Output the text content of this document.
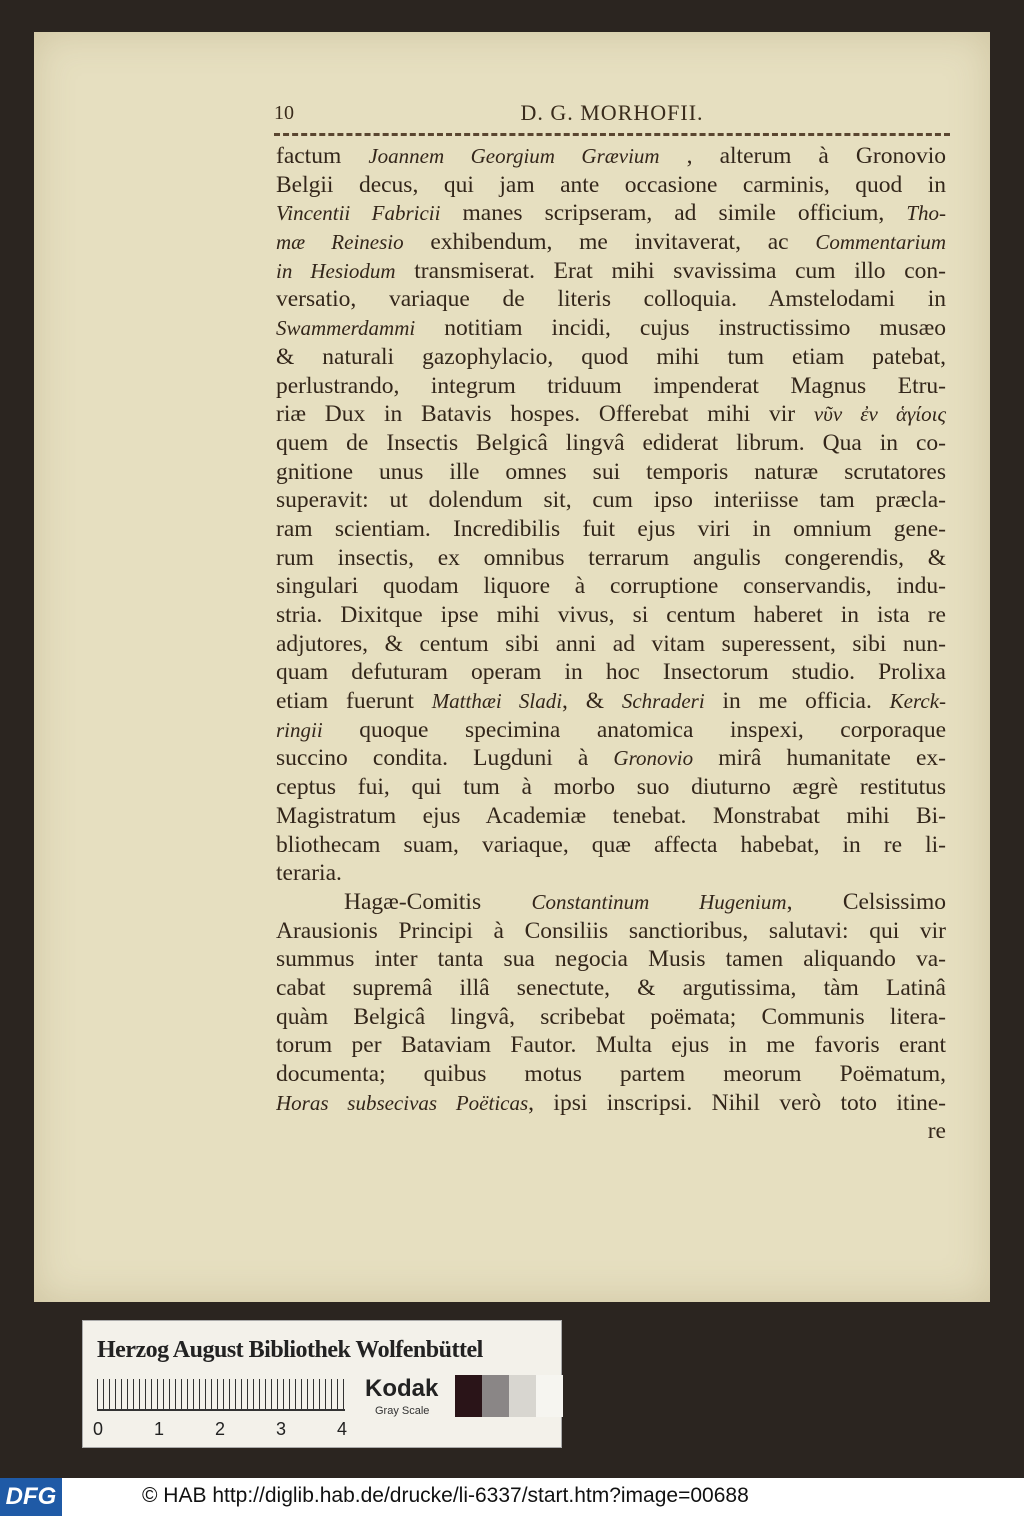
10	D. G. MORHOFII.
factum Joannem Georgium Grævium , alterum à Gronovio
Belgii decus, qui jam ante occasione carminis, quod in
Vincentii Fabricii manes scripseram, ad simile officium, Tho-
mæ Reinesio exhibendum, me invitaverat, ac Commentarium
in Hesiodum transmiserat. Erat mihi svavissima cum illo con-
versatio, variaque de literis colloquia. Amstelodami in
Swammerdammi notitiam incidi, cujus instructissimo musæo
& naturali gazophylacio, quod mihi tum etiam patebat,
perlustrando, integrum triduum impenderat Magnus Etru-
riæ Dux in Batavis hospes. Offerebat mihi vir νῦν ἐν ἁγίοις
quem de Insectis Belgicâ lingvâ ediderat librum. Qua in co-
gnitione unus ille omnes sui temporis naturæ scrutatores
superavit: ut dolendum sit, cum ipso interiisse tam præcla-
ram scientiam. Incredibilis fuit ejus viri in omnium gene-
rum insectis, ex omnibus terrarum angulis congerendis, &
singulari quodam liquore à corruptione conservandis, indu-
stria. Dixitque ipse mihi vivus, si centum haberet in ista re
adjutores, & centum sibi anni ad vitam superessent, sibi nun-
quam defuturam operam in hoc Insectorum studio. Prolixa
etiam fuerunt Matthæi Sladi, & Schraderi in me officia. Kerck-
ringii quoque specimina anatomica inspexi, corporaque
succino condita. Lugduni à Gronovio mirâ humanitate ex-
ceptus fui, qui tum à morbo suo diuturno ægrè restitutus
Magistratum ejus Academiæ tenebat. Monstrabat mihi Bi-
bliothecam suam, variaque, quæ affecta habebat, in re li-
teraria.
Hagæ-Comitis Constantinum Hugenium, Celsissimo
Arausionis Principi à Consiliis sanctioribus, salutavi: qui vir
summus inter tanta sua negocia Musis tamen aliquando va-
cabat supremâ illâ senectute, & argutissima, tàm Latinâ
quàm Belgicâ lingvâ, scribebat poëmata; Communis litera-
torum per Bataviam Fautor. Multa ejus in me favoris erant
documenta; quibus motus partem meorum Poëmatum,
Horas subsecivas Poëticas, ipsi inscripsi. Nihil verò toto itine-
re
Herzog August Bibliothek Wolfenbüttel
0	1	2	3	4
Kodak
Gray Scale
DFG	© HAB http://diglib.hab.de/drucke/li-6337/start.htm?image=00688
